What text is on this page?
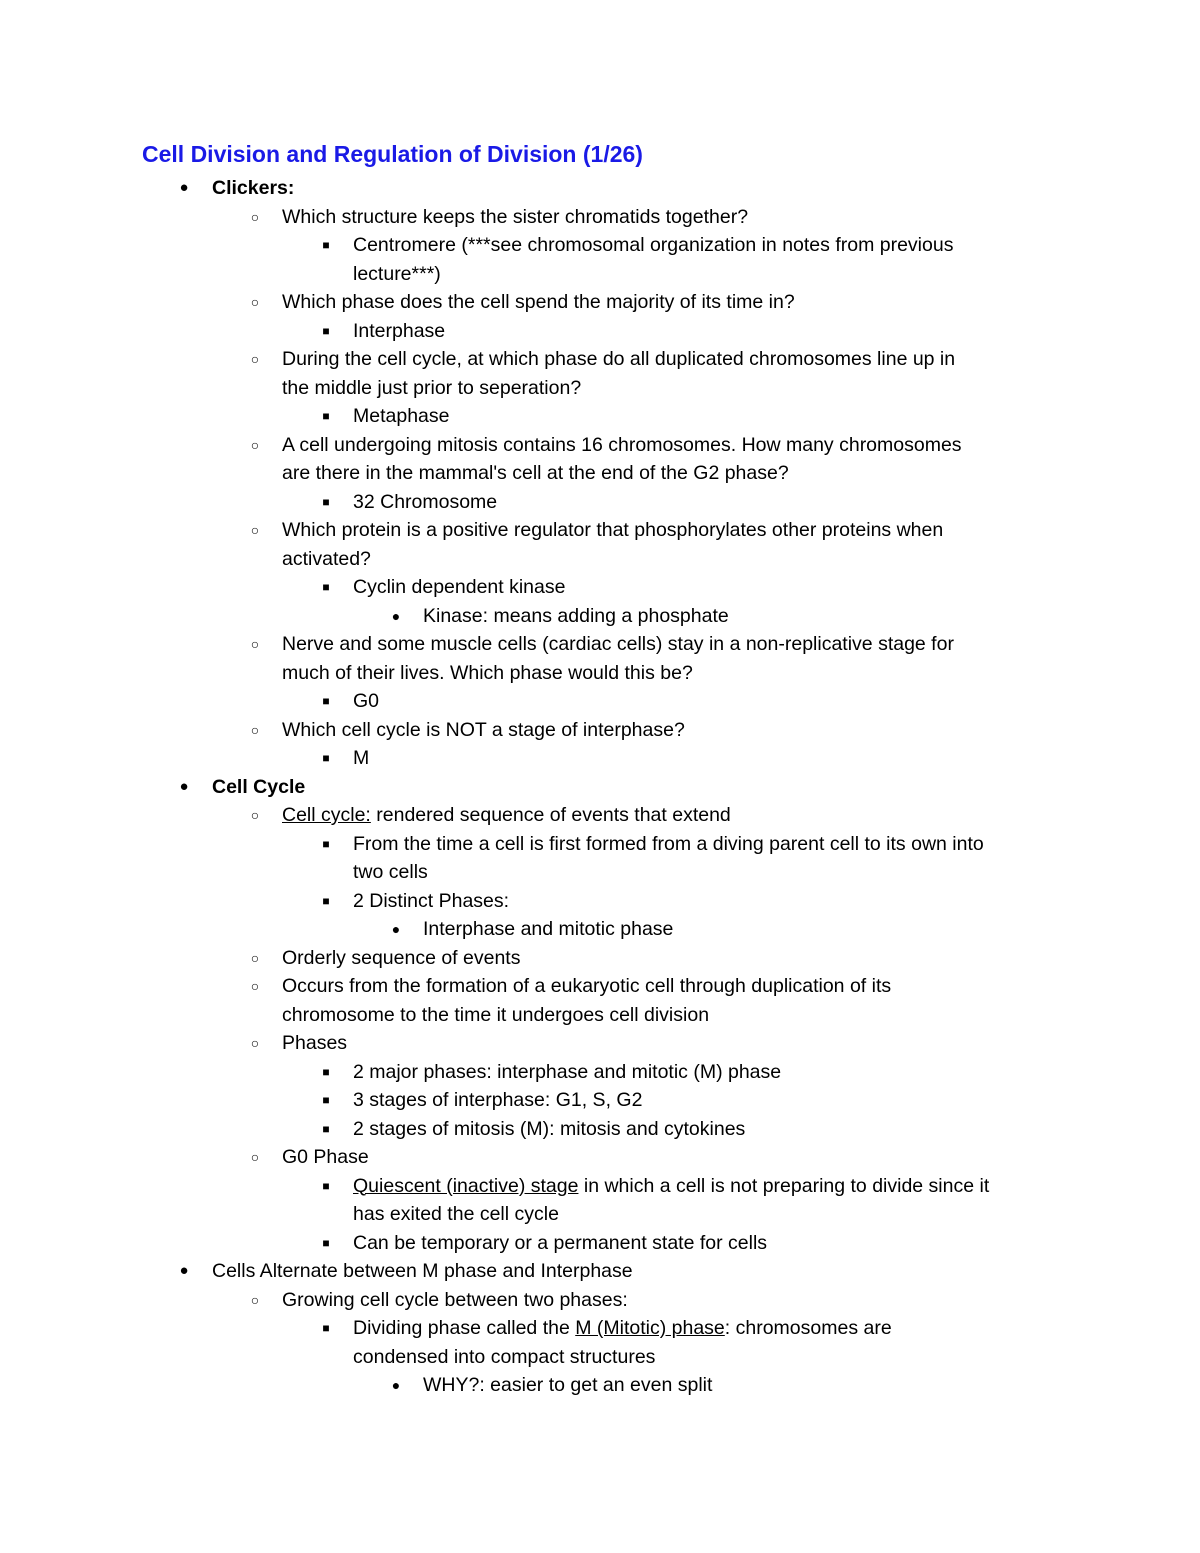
Cell Division and Regulation of Division (1/26)
●	Clickers:
○	Which structure keeps the sister chromatids together?
■	Centromere (***see chromosomal organization in notes from previous
lecture***)
○	Which phase does the cell spend the majority of its time in?
■	Interphase
○	During the cell cycle, at which phase do all duplicated chromosomes line up in
the middle just prior to seperation?
■	Metaphase
○	A cell undergoing mitosis contains 16 chromosomes. How many chromosomes
are there in the mammal's cell at the end of the G2 phase?
■	32 Chromosome
○	Which protein is a positive regulator that phosphorylates other proteins when
activated?
■	Cyclin dependent kinase
●	Kinase: means adding a phosphate
○	Nerve and some muscle cells (cardiac cells) stay in a non-replicative stage for
much of their lives. Which phase would this be?
■	G0
○	Which cell cycle is NOT a stage of interphase?
■	M
●	Cell Cycle
○	Cell cycle: rendered sequence of events that extend
■	From the time a cell is first formed from a diving parent cell to its own into
two cells
■	2 Distinct Phases:
●	Interphase and mitotic phase
○	Orderly sequence of events
○	Occurs from the formation of a eukaryotic cell through duplication of its
chromosome to the time it undergoes cell division
○	Phases
■	2 major phases: interphase and mitotic (M) phase
■	3 stages of interphase: G1, S, G2
■	2 stages of mitosis (M): mitosis and cytokines
○	G0 Phase
■	Quiescent (inactive) stage in which a cell is not preparing to divide since it
has exited the cell cycle
■	Can be temporary or a permanent state for cells
●	Cells Alternate between M phase and Interphase
○	Growing cell cycle between two phases:
■	Dividing phase called the M (Mitotic) phase: chromosomes are
condensed into compact structures
●	WHY?: easier to get an even split
